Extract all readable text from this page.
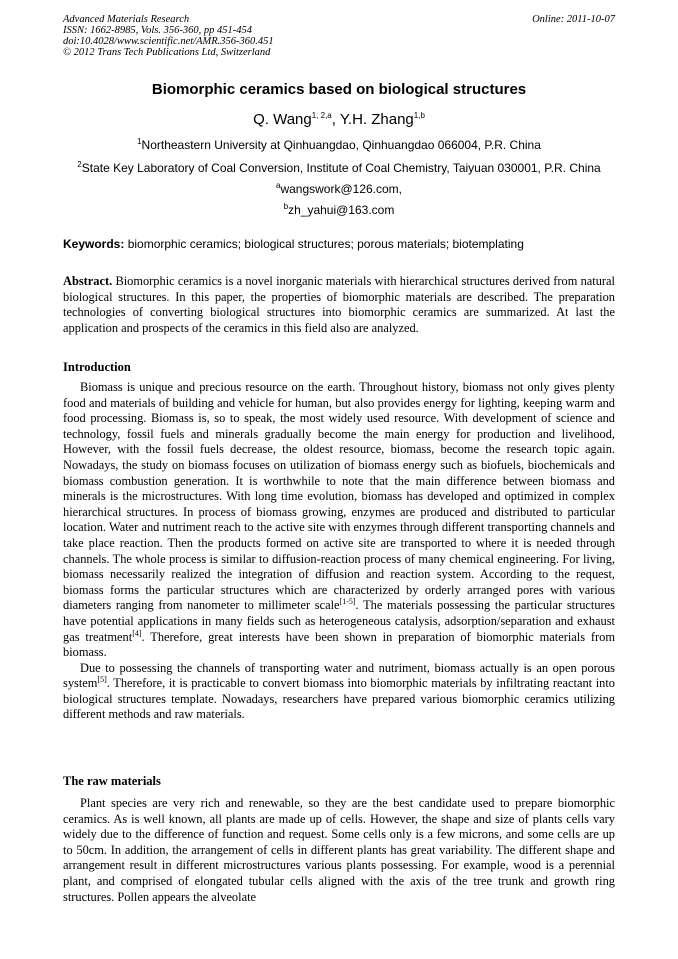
Advanced Materials Research
ISSN: 1662-8985, Vols. 356-360, pp 451-454
doi:10.4028/www.scientific.net/AMR.356-360.451
© 2012 Trans Tech Publications Ltd, Switzerland
Online: 2011-10-07
Biomorphic ceramics based on biological structures
Q. Wang$^{1, 2,a}$, Y.H. Zhang$^{1,b}$
$^1$Northeastern University at Qinhuangdao, Qinhuangdao 066004, P.R. China
$^2$State Key Laboratory of Coal Conversion, Institute of Coal Chemistry, Taiyuan 030001, P.R. China
$^a$wangswork@126.com,
$^b$zh_yahui@163.com
Keywords: biomorphic ceramics; biological structures; porous materials; biotemplating

Abstract. Biomorphic ceramics is a novel inorganic materials with hierarchical structures derived from natural biological structures. In this paper, the properties of biomorphic materials are described. The preparation technologies of converting biological structures into biomorphic ceramics are summarized. At last the application and prospects of the ceramics in this field also are analyzed.

Introduction

Biomass is unique and precious resource on the earth. Throughout history, biomass not only gives plenty food and materials of building and vehicle for human, but also provides energy for lighting, keeping warm and food processing. Biomass is, so to speak, the most widely used resource. With development of science and technology, fossil fuels and minerals gradually become the main energy for production and livelihood, However, with the fossil fuels decrease, the oldest resource, biomass, become the research topic again. Nowadays, the study on biomass focuses on utilization of biomass energy such as biofuels, biochemicals and biomass combustion generation. It is worthwhile to note that the main difference between biomass and minerals is the microstructures. With long time evolution, biomass has developed and optimized in complex hierarchical structures. In process of biomass growing, enzymes are produced and distributed to particular location. Water and nutriment reach to the active site with enzymes through different transporting channels and take place reaction. Then the products formed on active site are transported to where it is needed through channels. The whole process is similar to diffusion-reaction process of many chemical engineering. For living, biomass necessarily realized the integration of diffusion and reaction system. According to the request, biomass forms the particular structures which are characterized by orderly arranged pores with various diameters ranging from nanometer to millimeter scale[1-5]. The materials possessing the particular structures have potential applications in many fields such as heterogeneous catalysis, adsorption/separation and exhaust gas treatment[4]. Therefore, great interests have been shown in preparation of biomorphic materials from biomass.

Due to possessing the channels of transporting water and nutriment, biomass actually is an open porous system[5]. Therefore, it is practicable to convert biomass into biomorphic materials by infiltrating reactant into biological structures template. Nowadays, researchers have prepared various biomorphic ceramics utilizing different methods and raw materials.

The raw materials

Plant species are very rich and renewable, so they are the best candidate used to prepare biomorphic ceramics. As is well known, all plants are made up of cells. However, the shape and size of plants cells vary widely due to the difference of function and request. Some cells only is a few microns, and some cells are up to 50cm. In addition, the arrangement of cells in different plants has great variability. The different shape and arrangement result in different microstructures various plants possessing. For example, wood is a perennial plant, and comprised of elongated tubular cells aligned with the axis of the tree trunk and growth ring structures. Pollen appears the alveolate
